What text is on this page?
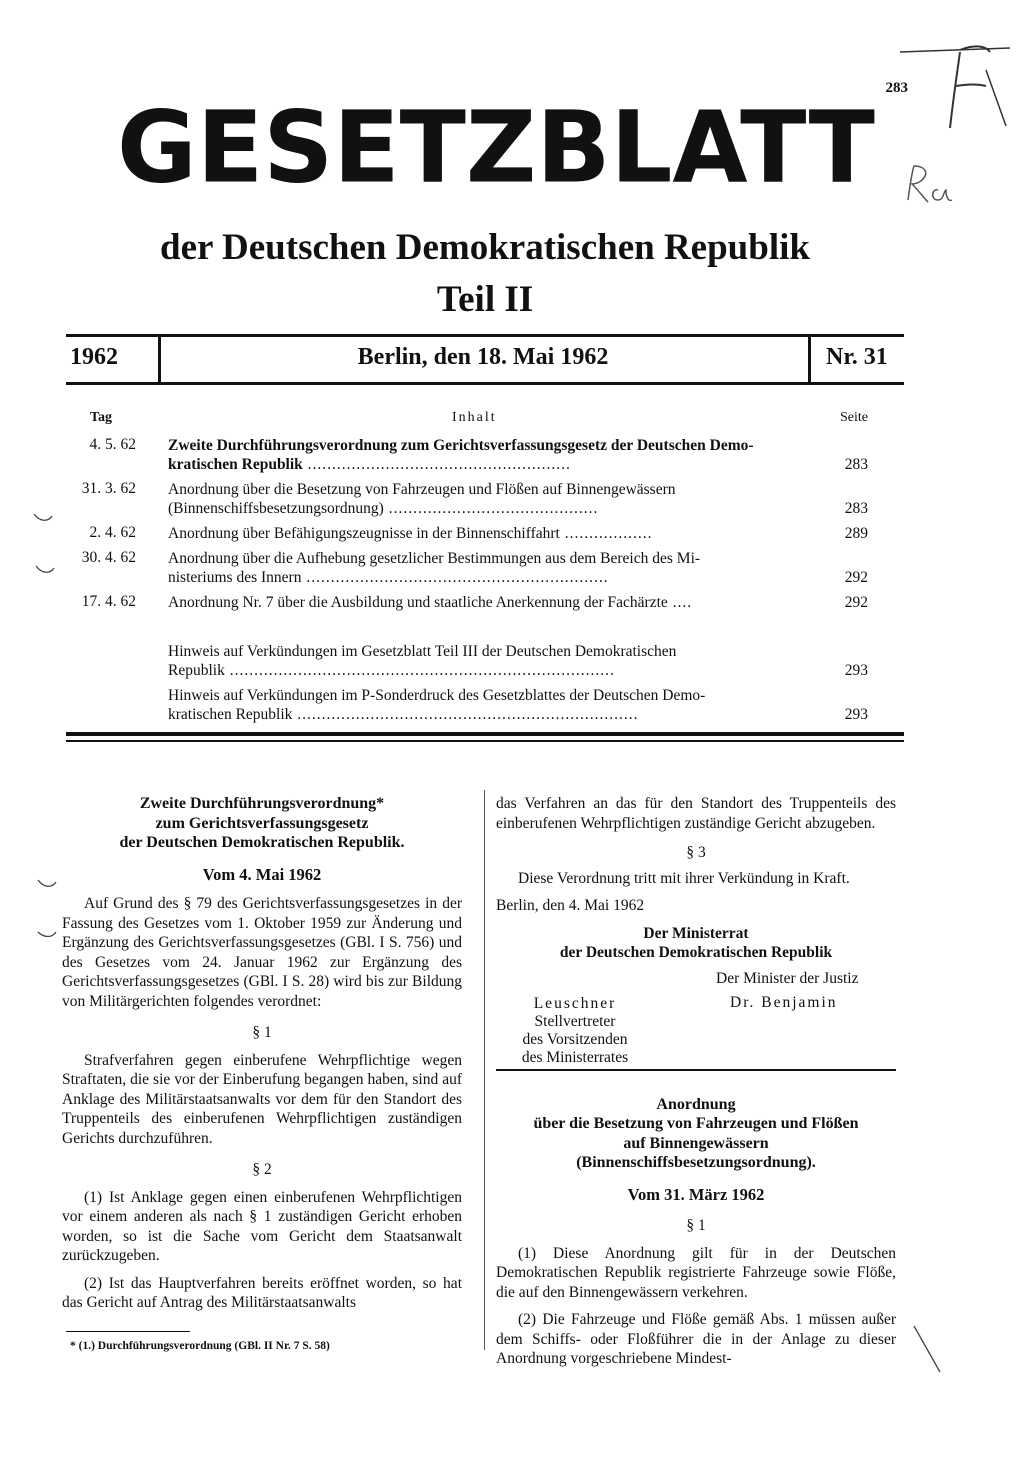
283
GESETZBLATT
der Deutschen Demokratischen Republik
Teil II
1962	Berlin, den 18. Mai 1962	Nr. 31
Tag	Inhalt	Seite
4. 5. 62 Zweite Durchführungsverordnung zum Gerichtsverfassungsgesetz der Deutschen Demo-
kratischen Republik ......................................................	283
31. 3. 62 Anordnung über die Besetzung von Fahrzeugen und Flößen auf Binnengewässern
(Binnenschiffsbesetzungsordnung) ...........................................	283
2. 4. 62 Anordnung über Befähigungszeugnisse in der Binnenschiffahrt ..................	289
30. 4. 62 Anordnung über die Aufhebung gesetzlicher Bestimmungen aus dem Bereich des Mi-
nisteriums des Innern ..............................................................	292
17. 4. 62 Anordnung Nr. 7 über die Ausbildung und staatliche Anerkennung der Fachärzte ....	292
Hinweis auf Verkündungen im Gesetzblatt Teil III der Deutschen Demokratischen
Republik ...............................................................................	293
Hinweis auf Verkündungen im P-Sonderdruck des Gesetzblattes der Deutschen Demo-
kratischen Republik ......................................................................	293
Zweite Durchführungsverordnung*
zum Gerichtsverfassungsgesetz
der Deutschen Demokratischen Republik.
Vom 4. Mai 1962

Auf Grund des § 79 des Gerichtsverfassungsgesetzes in der Fassung des Gesetzes vom 1. Oktober 1959 zur Änderung und Ergänzung des Gerichtsverfassungsgesetzes (GBl. I S. 756) und des Gesetzes vom 24. Januar 1962 zur Ergänzung des Gerichtsverfassungsgesetzes (GBl. I S. 28) wird bis zur Bildung von Militärgerichten folgendes verordnet:

§ 1

Strafverfahren gegen einberufene Wehrpflichtige wegen Straftaten, die sie vor der Einberufung begangen haben, sind auf Anklage des Militärstaatsanwalts vor dem für den Standort des Truppenteils des einberufenen Wehrpflichtigen zuständigen Gerichts durchzuführen.

§ 2

(1) Ist Anklage gegen einen einberufenen Wehrpflichtigen vor einem anderen als nach § 1 zuständigen Gericht erhoben worden, so ist die Sache vom Gericht dem Staatsanwalt zurückzugeben.

(2) Ist das Hauptverfahren bereits eröffnet worden, so hat das Gericht auf Antrag des Militärstaatsanwalts

* (1.) Durchführungsverordnung (GBl. II Nr. 7 S. 58)

das Verfahren an das für den Standort des Truppenteils des einberufenen Wehrpflichtigen zuständige Gericht abzugeben.

§ 3

Diese Verordnung tritt mit ihrer Verkündung in Kraft.

Berlin, den 4. Mai 1962
Der Ministerrat
der Deutschen Demokratischen Republik
Der Minister der Justiz
Leuschner
Stellvertreter
des Vorsitzenden
des Ministerrates
Dr. Benjamin
Anordnung
über die Besetzung von Fahrzeugen und Flößen
auf Binnengewässern
(Binnenschiffsbesetzungsordnung).
Vom 31. März 1962
§ 1

(1) Diese Anordnung gilt für in der Deutschen Demokratischen Republik registrierte Fahrzeuge sowie Flöße, die auf den Binnengewässern verkehren.

(2) Die Fahrzeuge und Flöße gemäß Abs. 1 müssen außer dem Schiffs- oder Floßführer die in der Anlage zu dieser Anordnung vorgeschriebene Mindest-
